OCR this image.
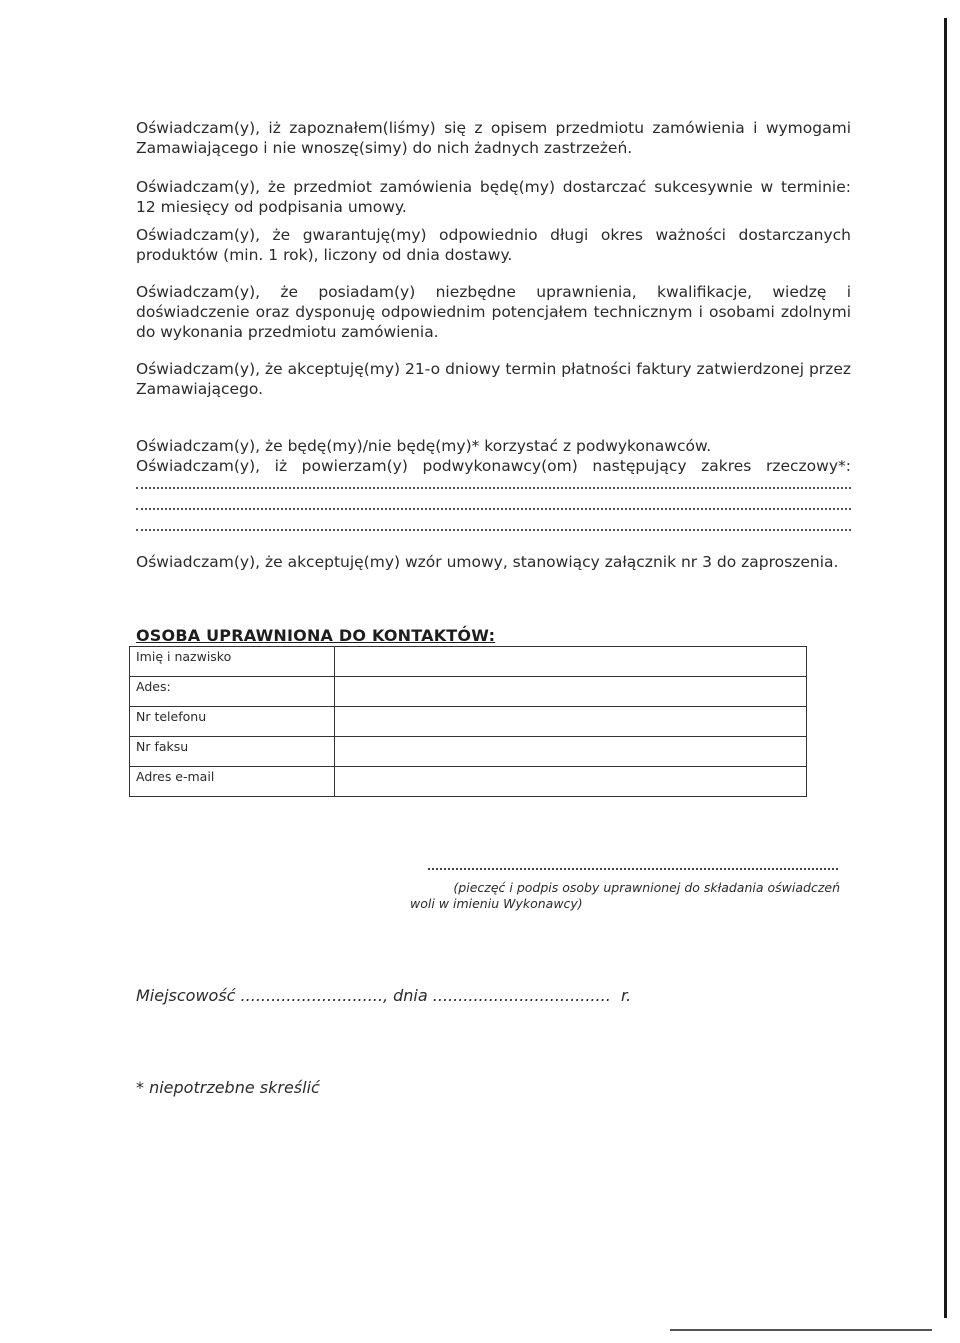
Oświadczam(y), iż zapoznałem(liśmy) się z opisem przedmiotu zamówienia i wymogami Zamawiającego i nie wnoszę(simy) do nich żadnych zastrzeżeń.

Oświadczam(y), że przedmiot zamówienia będę(my) dostarczać sukcesywnie w terminie: 12 miesięcy od podpisania umowy.

Oświadczam(y), że gwarantuję(my) odpowiednio długi okres ważności dostarczanych produktów (min. 1 rok), liczony od dnia dostawy.

Oświadczam(y), że posiadam(y) niezbędne uprawnienia, kwalifikacje, wiedzę i doświadczenie oraz dysponuję odpowiednim potencjałem technicznym i osobami zdolnymi do wykonania przedmiotu zamówienia.

Oświadczam(y), że akceptuję(my) 21-o dniowy termin płatności faktury zatwierdzonej przez Zamawiającego.

Oświadczam(y), że będę(my)/nie będę(my)* korzystać z podwykonawców.

Oświadczam(y), iż powierzam(y) podwykonawcy(om) następujący zakres rzeczowy*:

Oświadczam(y), że akceptuję(my) wzór umowy, stanowiący załącznik nr 3 do zaproszenia.

OSOBA UPRAWNIONA DO KONTAKTÓW:
Imię i nazwisko	
Ades:	
Nr telefonu	
Nr faksu	
Adres e-mail	
(pieczęć i podpis osoby uprawnionej do składania oświadczeń
woli w imieniu Wykonawcy)
Miejscowość ............................, dnia ...................................  r.
* niepotrzebne skreślić
